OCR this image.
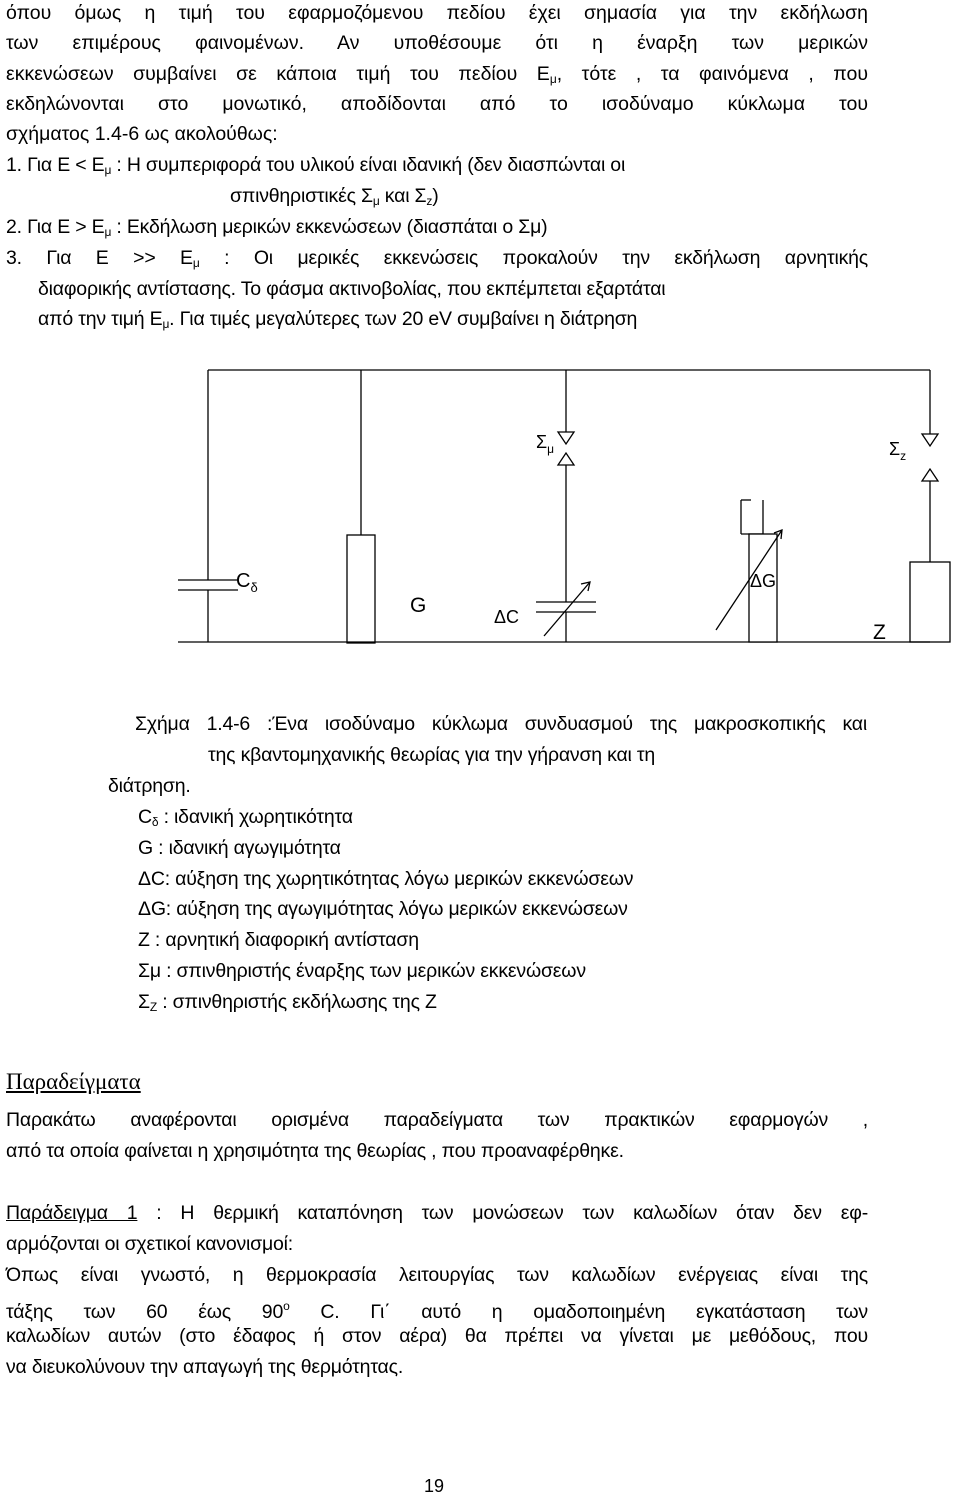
όπου όμως η τιμή του εφαρμοζόμενου πεδίου έχει σημασία για την εκδήλωση
των επιμέρους φαινομένων. Αν υποθέσουμε ότι η έναρξη των μερικών
εκκενώσεων συμβαίνει σε κάποια τιμή του πεδίου $E_\mu$, τότε , τα φαινόμενα , που
εκδηλώνονται στο μονωτικό, αποδίδονται από το ισοδύναμο κύκλωμα του
σχήματος 1.4-6 ως ακολούθως:
1. Για $E < E_\mu$ : Η συμπεριφορά του υλικού είναι ιδανική (δεν διασπώνται οι
σπινθηριστικές $\Sigma_\mu$ και $\Sigma_z$)
2. Για $E > E_\mu$ : Εκδήλωση μερικών εκκενώσεων (διασπάται ο Σμ)
3. Για $E >> E_\mu$ : Οι μερικές εκκενώσεις προκαλούν την εκδήλωση αρνητικής
διαφορικής αντίστασης. Το φάσμα ακτινοβολίας, που εκπέμπεται εξαρτάται
από την τιμή $E_\mu$. Για τιμές μεγαλύτερες των 20 eV συμβαίνει η διάτρηση
$C_\delta$
G
$\Sigma_\mu$
ΔC
ΔG
$\Sigma_z$
Z
Σχήμα 1.4-6 :Ένα ισοδύναμο κύκλωμα συνδυασμού της μακροσκοπικής και
της κβαντομηχανικής θεωρίας για την γήρανση και τη
διάτρηση.
$C_\delta$ : ιδανική χωρητικότητα
G : ιδανική αγωγιμότητα
ΔC: αύξηση της χωρητικότητας λόγω μερικών εκκενώσεων
ΔG: αύξηση της αγωγιμότητας λόγω μερικών εκκενώσεων
Z : αρνητική διαφορική αντίσταση
Σμ : σπινθηριστής έναρξης των μερικών εκκενώσεων
$\Sigma_Z$ : σπινθηριστής εκδήλωσης της Z
Παραδείγματα
Παρακάτω αναφέρονται ορισμένα παραδείγματα των πρακτικών εφαρμογών ,
από τα οποία φαίνεται η χρησιμότητα της θεωρίας , που προαναφέρθηκε.
Παράδειγμα 1 : Η θερμική καταπόνηση των μονώσεων των καλωδίων όταν δεν εφ-
αρμόζονται οι σχετικοί κανονισμοί:
Όπως είναι γνωστό, η θερμοκρασία λειτουργίας των καλωδίων ενέργειας είναι της
τάξης των 60 έως $90^o$ C. Γι΄ αυτό η ομαδοποιημένη εγκατάσταση των
καλωδίων αυτών (στο έδαφος ή στον αέρα) θα πρέπει να γίνεται με μεθόδους, που
να διευκολύνουν την απαγωγή της θερμότητας.
19
